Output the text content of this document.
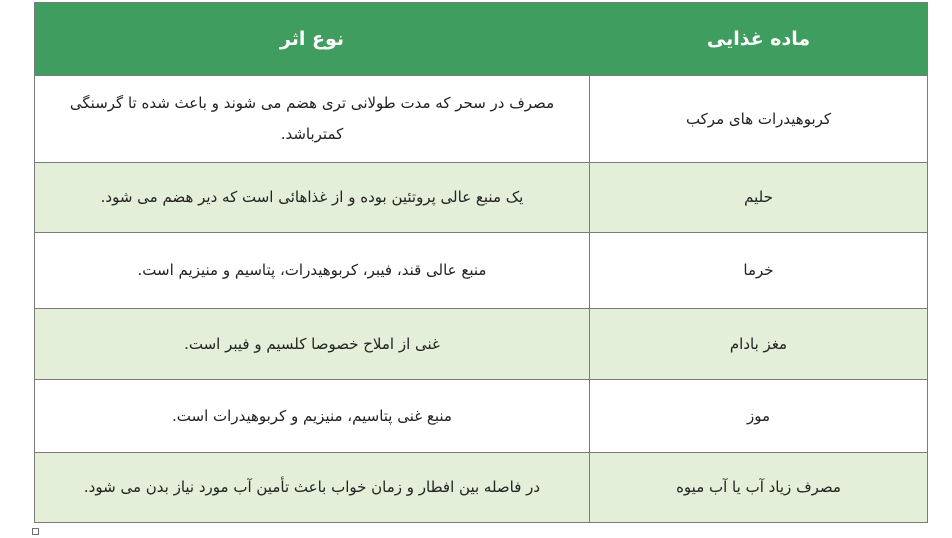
ماده غذایی	نوع اثر
کربوهیدرات های مرکب	مصرف در سحر که مدت طولانی تری هضم می شوند و باعث شده تا گرسنگی کمترباشد.
حلیم	یک منبع عالی پروتئین بوده و از غذاهائی است که دیر هضم می شود.
خرما	منبع عالی قند، فیبر، کربوهیدرات، پتاسیم و منیزیم است.
مغز بادام	غنی از املاح خصوصا کلسیم و فیبر است.
موز	منبع غنی پتاسیم، منیزیم و کربوهیدرات است.
مصرف زیاد آب یا آب میوه	در فاصله بین افطار و زمان خواب باعث تأمین آب مورد نیاز بدن می شود.
